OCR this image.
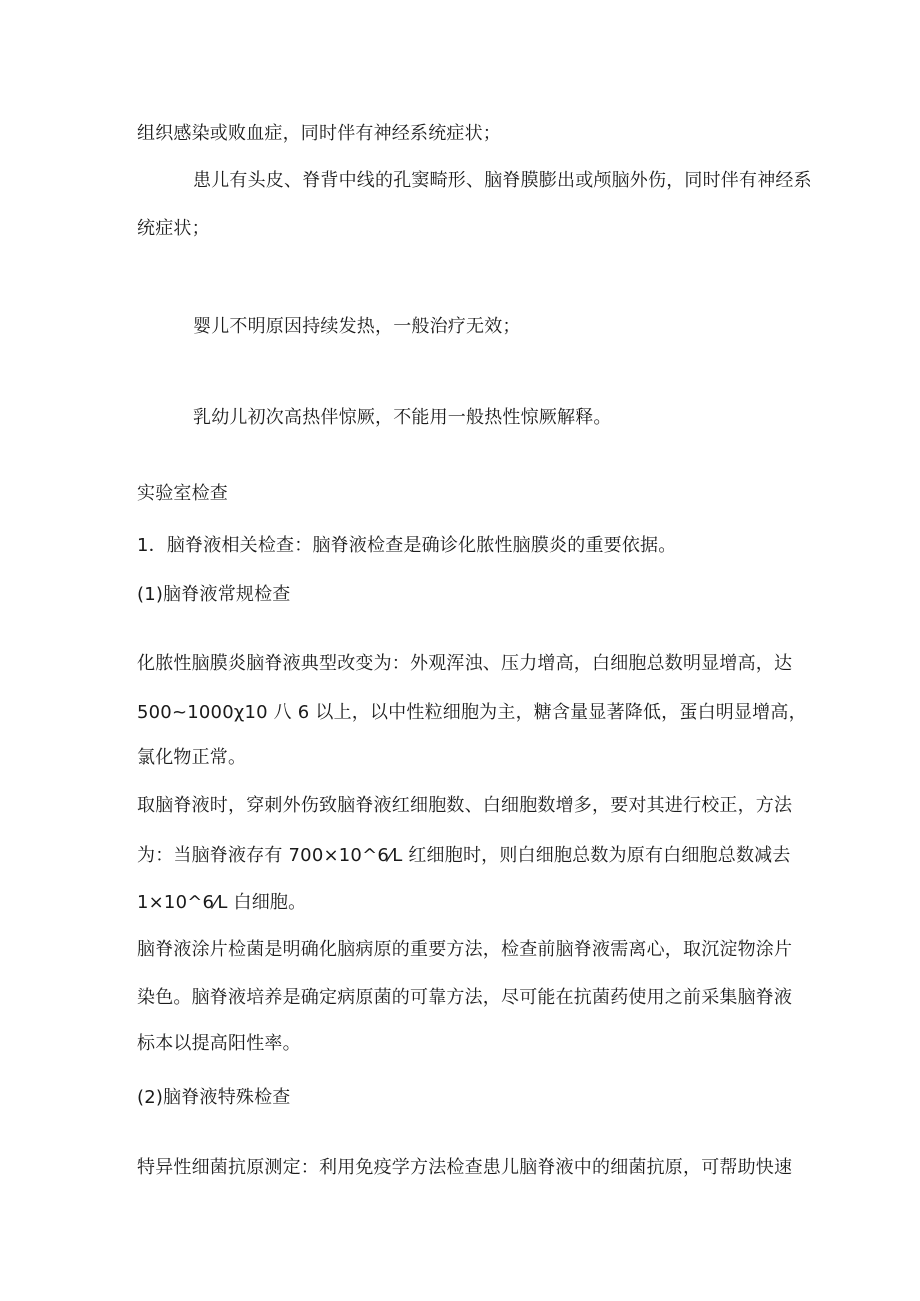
组织感染或败血症，同时伴有神经系统症状；
患儿有头皮、脊背中线的孔窦畸形、脑脊膜膨出或颅脑外伤，同时伴有神经系
统症状；
婴儿不明原因持续发热，一般治疗无效；
乳幼儿初次高热伴惊厥，不能用一般热性惊厥解释。
实验室检查
1．脑脊液相关检查：脑脊液检查是确诊化脓性脑膜炎的重要依据。
(1)脑脊液常规检查
化脓性脑膜炎脑脊液典型改变为：外观浑浊、压力增高，白细胞总数明显增高，达
500~1000χ10 八 6 以上，以中性粒细胞为主，糖含量显著降低，蛋白明显增高，
氯化物正常。
取脑脊液时，穿刺外伤致脑脊液红细胞数、白细胞数增多，要对其进行校正，方法
为：当脑脊液存有 700×10^6⁄L 红细胞时，则白细胞总数为原有白细胞总数减去
1×10^6⁄L 白细胞。
脑脊液涂片检菌是明确化脑病原的重要方法，检查前脑脊液需离心，取沉淀物涂片
染色。脑脊液培养是确定病原菌的可靠方法，尽可能在抗菌药使用之前采集脑脊液
标本以提高阳性率。
(2)脑脊液特殊检查
特异性细菌抗原测定：利用免疫学方法检查患儿脑脊液中的细菌抗原，可帮助快速
